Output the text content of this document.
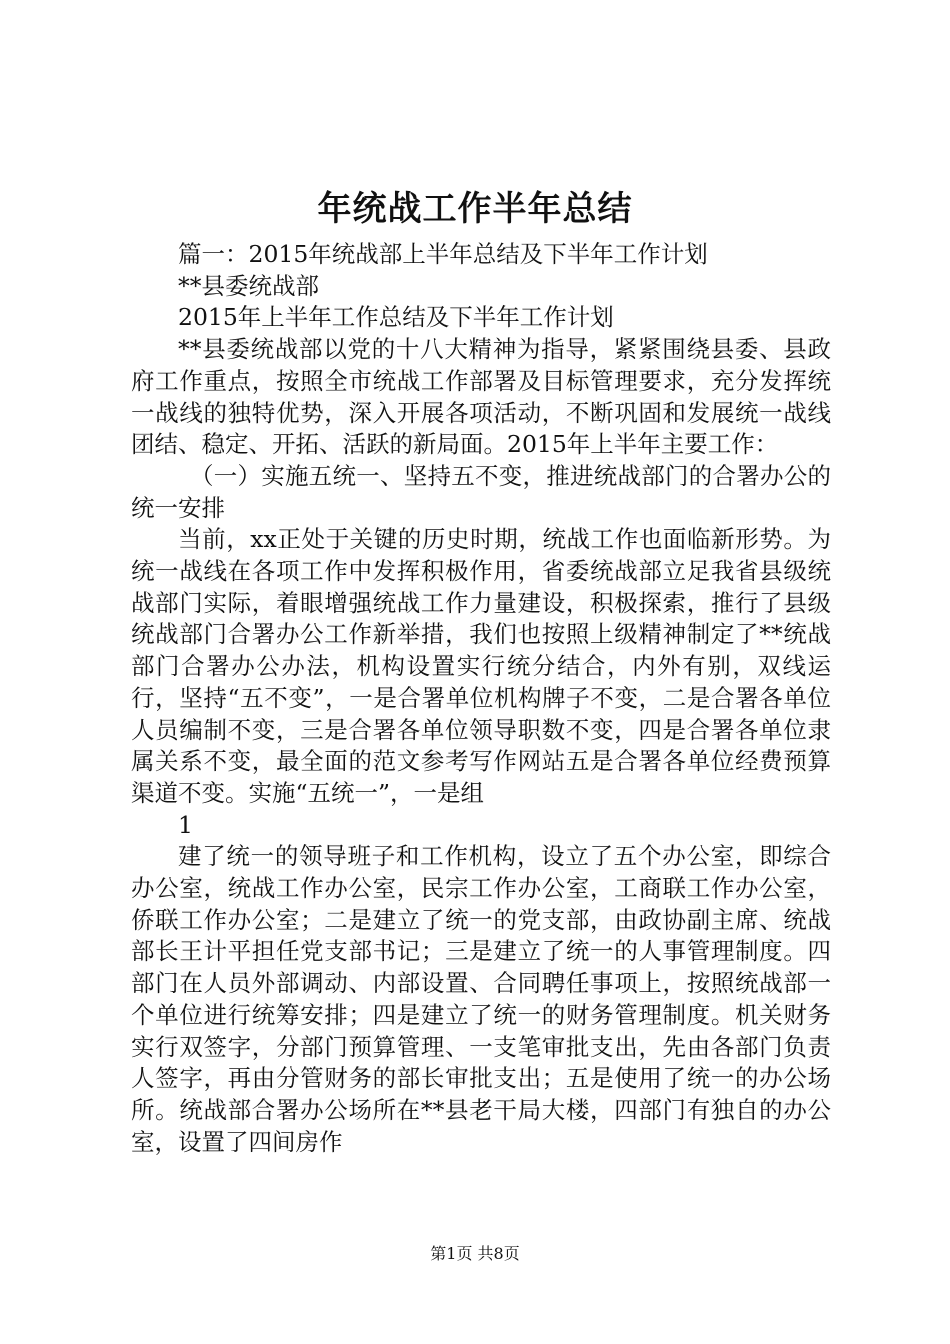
年统战工作半年总结

篇一：2015年统战部上半年总结及下半年工作计划

**县委统战部

2015年上半年工作总结及下半年工作计划

**县委统战部以党的十八大精神为指导，紧紧围绕县委、县政府工作重点，按照全市统战工作部署及目标管理要求，充分发挥统一战线的独特优势，深入开展各项活动，不断巩固和发展统一战线团结、稳定、开拓、活跃的新局面。2015年上半年主要工作：

（一）实施五统一、坚持五不变，推进统战部门的合署办公的统一安排

当前，xx正处于关键的历史时期，统战工作也面临新形势。为统一战线在各项工作中发挥积极作用，省委统战部立足我省县级统战部门实际，着眼增强统战工作力量建设，积极探索，推行了县级统战部门合署办公工作新举措，我们也按照上级精神制定了**统战部门合署办公办法，机构设置实行统分结合，内外有别，双线运行，坚持“五不变”，一是合署单位机构牌子不变，二是合署各单位人员编制不变，三是合署各单位领导职数不变，四是合署各单位隶属关系不变，最全面的范文参考写作网站五是合署各单位经费预算渠道不变。实施“五统一”，一是组

1

建了统一的领导班子和工作机构，设立了五个办公室，即综合办公室，统战工作办公室，民宗工作办公室，工商联工作办公室，侨联工作办公室；二是建立了统一的党支部，由政协副主席、统战部长王计平担任党支部书记；三是建立了统一的人事管理制度。四部门在人员外部调动、内部设置、合同聘任事项上，按照统战部一个单位进行统筹安排；四是建立了统一的财务管理制度。机关财务实行双签字，分部门预算管理、一支笔审批支出，先由各部门负责人签字，再由分管财务的部长审批支出；五是使用了统一的办公场所。统战部合署办公场所在**县老干局大楼，四部门有独自的办公室，设置了四间房作

第1页 共8页
